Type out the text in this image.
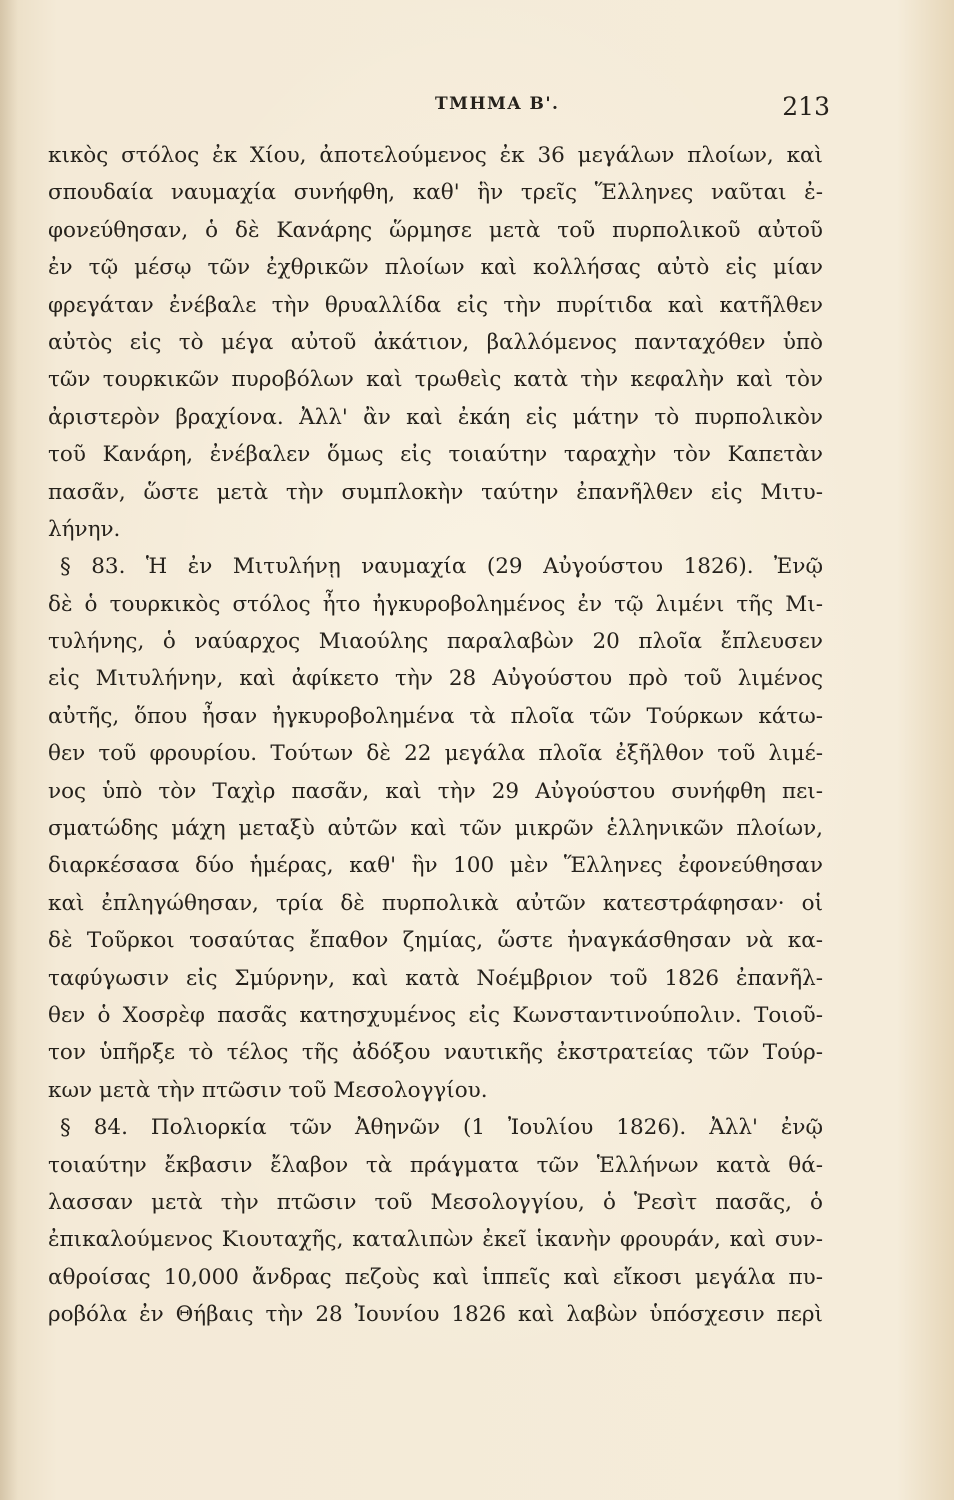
ΤΜΗΜΑ Β'.	213
κικὸς στόλος ἐκ Χίου, ἀποτελούμενος ἐκ 36 μεγάλων πλοίων, καὶ
σπουδαία ναυμαχία συνήφθη, καθ' ἣν τρεῖς Ἕλληνες ναῦται ἐ-
φονεύθησαν, ὁ δὲ Κανάρης ὥρμησε μετὰ τοῦ πυρπολικοῦ αὐτοῦ
ἐν τῷ μέσῳ τῶν ἐχθρικῶν πλοίων καὶ κολλήσας αὐτὸ εἰς μίαν
φρεγάταν ἐνέβαλε τὴν θρυαλλίδα εἰς τὴν πυρίτιδα καὶ κατῆλθεν
αὐτὸς εἰς τὸ μέγα αὐτοῦ ἀκάτιον, βαλλόμενος πανταχόθεν ὑπὸ
τῶν τουρκικῶν πυροβόλων καὶ τρωθεὶς κατὰ τὴν κεφαλὴν καὶ τὸν
ἀριστερὸν βραχίονα. Ἀλλ' ἂν καὶ ἐκάη εἰς μάτην τὸ πυρπολικὸν
τοῦ Κανάρη, ἐνέβαλεν ὅμως εἰς τοιαύτην ταραχὴν τὸν Καπετὰν
πασᾶν, ὥστε μετὰ τὴν συμπλοκὴν ταύτην ἐπανῆλθεν εἰς Μιτυ-
λήνην.
§ 83. Ἡ ἐν Μιτυλήνῃ ναυμαχία (29 Αὐγούστου 1826). Ἐνῷ
δὲ ὁ τουρκικὸς στόλος ἦτο ἠγκυροβολημένος ἐν τῷ λιμένι τῆς Μι-
τυλήνης, ὁ ναύαρχος Μιαούλης παραλαβὼν 20 πλοῖα ἔπλευσεν
εἰς Μιτυλήνην, καὶ ἀφίκετο τὴν 28 Αὐγούστου πρὸ τοῦ λιμένος
αὐτῆς, ὅπου ἦσαν ἠγκυροβολημένα τὰ πλοῖα τῶν Τούρκων κάτω-
θεν τοῦ φρουρίου. Τούτων δὲ 22 μεγάλα πλοῖα ἐξῆλθον τοῦ λιμέ-
νος ὑπὸ τὸν Ταχὶρ πασᾶν, καὶ τὴν 29 Αὐγούστου συνήφθη πει-
σματώδης μάχη μεταξὺ αὐτῶν καὶ τῶν μικρῶν ἑλληνικῶν πλοίων,
διαρκέσασα δύο ἡμέρας, καθ' ἣν 100 μὲν Ἕλληνες ἐφονεύθησαν
καὶ ἐπληγώθησαν, τρία δὲ πυρπολικὰ αὐτῶν κατεστράφησαν· οἱ
δὲ Τοῦρκοι τοσαύτας ἔπαθον ζημίας, ὥστε ἠναγκάσθησαν νὰ κα-
ταφύγωσιν εἰς Σμύρνην, καὶ κατὰ Νοέμβριον τοῦ 1826 ἐπανῆλ-
θεν ὁ Χοσρὲφ πασᾶς κατησχυμένος εἰς Κωνσταντινούπολιν. Τοιοῦ-
τον ὑπῆρξε τὸ τέλος τῆς ἀδόξου ναυτικῆς ἐκστρατείας τῶν Τούρ-
κων μετὰ τὴν πτῶσιν τοῦ Μεσολογγίου.
§ 84. Πολιορκία τῶν Ἀθηνῶν (1 Ἰουλίου 1826). Ἀλλ' ἐνῷ
τοιαύτην ἔκβασιν ἔλαβον τὰ πράγματα τῶν Ἑλλήνων κατὰ θά-
λασσαν μετὰ τὴν πτῶσιν τοῦ Μεσολογγίου, ὁ Ῥεσὶτ πασᾶς, ὁ
ἐπικαλούμενος Κιουταχῆς, καταλιπὼν ἐκεῖ ἱκανὴν φρουράν, καὶ συν-
αθροίσας 10,000 ἄνδρας πεζοὺς καὶ ἱππεῖς καὶ εἴκοσι μεγάλα πυ-
ροβόλα ἐν Θήβαις τὴν 28 Ἰουνίου 1826 καὶ λαβὼν ὑπόσχεσιν περὶ
